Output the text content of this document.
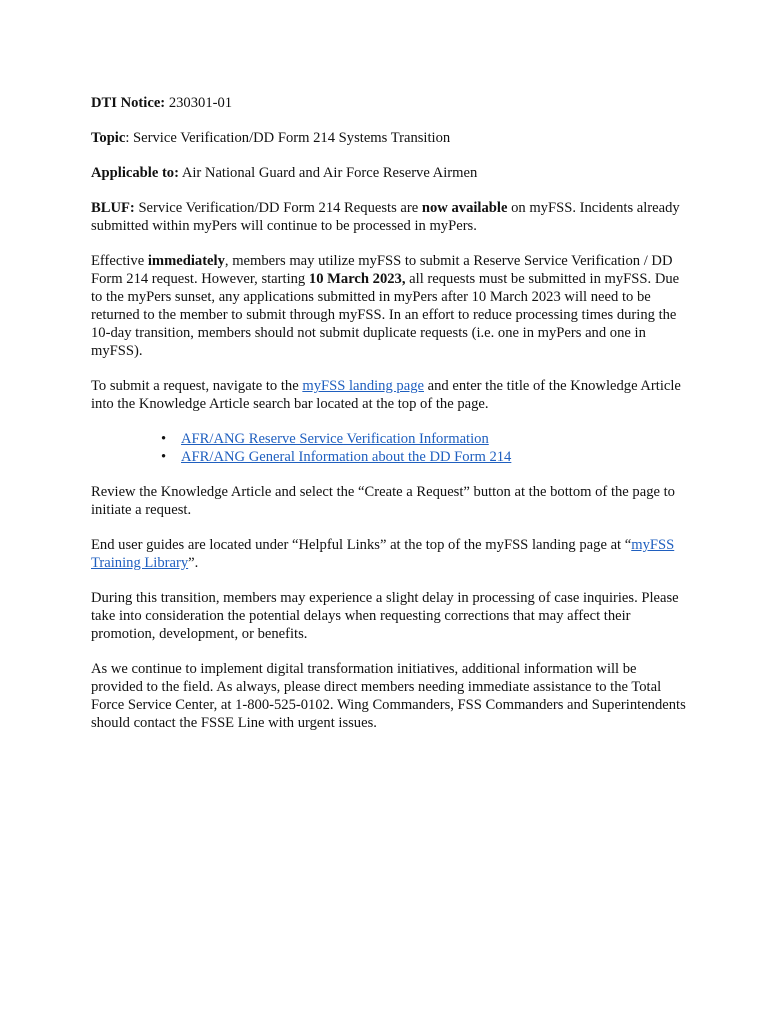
DTI Notice: 230301-01

Topic: Service Verification/DD Form 214 Systems Transition

Applicable to: Air National Guard and Air Force Reserve Airmen

BLUF: Service Verification/DD Form 214 Requests are now available on myFSS. Incidents already submitted within myPers will continue to be processed in myPers.

Effective immediately, members may utilize myFSS to submit a Reserve Service Verification / DD Form 214 request. However, starting 10 March 2023, all requests must be submitted in myFSS. Due to the myPers sunset, any applications submitted in myPers after 10 March 2023 will need to be returned to the member to submit through myFSS. In an effort to reduce processing times during the 10-day transition, members should not submit duplicate requests (i.e. one in myPers and one in myFSS).

To submit a request, navigate to the myFSS landing page and enter the title of the Knowledge Article into the Knowledge Article search bar located at the top of the page.

• AFR/ANG Reserve Service Verification Information
• AFR/ANG General Information about the DD Form 214

Review the Knowledge Article and select the “Create a Request” button at the bottom of the page to initiate a request.

End user guides are located under “Helpful Links” at the top of the myFSS landing page at “myFSS Training Library”.

During this transition, members may experience a slight delay in processing of case inquiries. Please take into consideration the potential delays when requesting corrections that may affect their promotion, development, or benefits.

As we continue to implement digital transformation initiatives, additional information will be provided to the field. As always, please direct members needing immediate assistance to the Total Force Service Center, at 1-800-525-0102. Wing Commanders, FSS Commanders and Superintendents should contact the FSSE Line with urgent issues.
